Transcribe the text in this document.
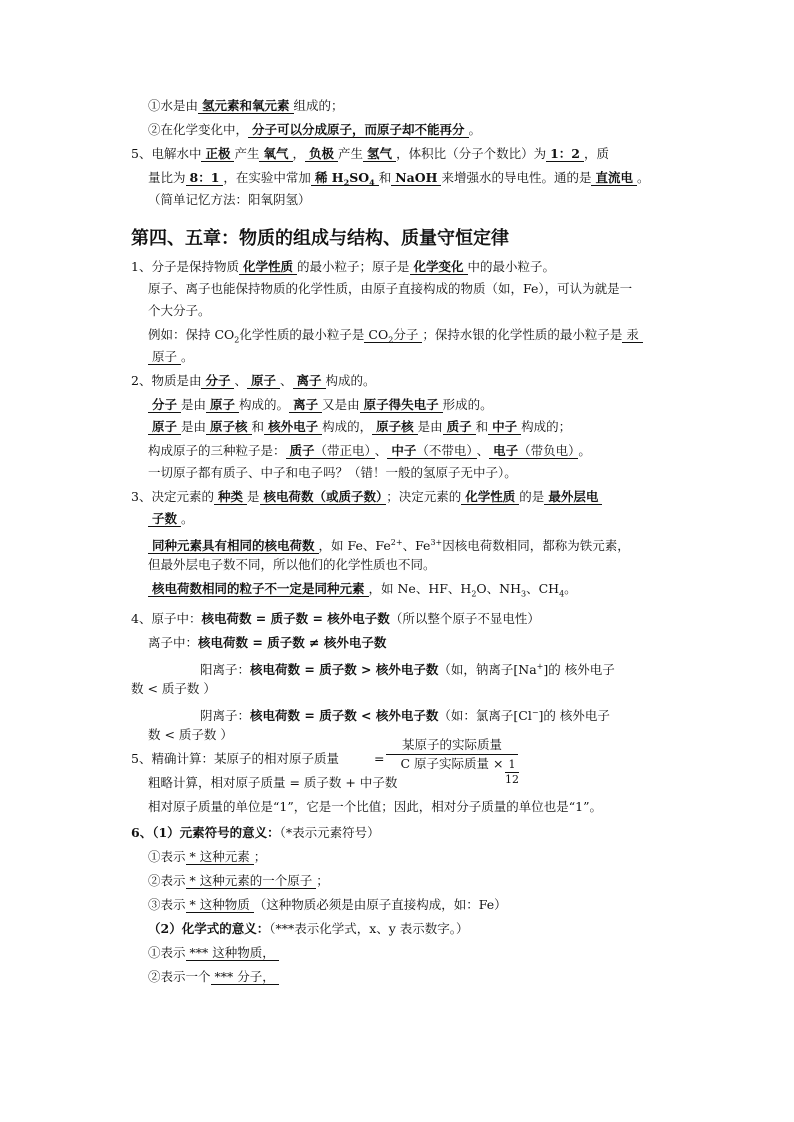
①水是由 氢元素和氧元素 组成的；
②在化学变化中， 分子可以分成原子，而原子却不能再分 。
5、电解水中 正极 产生 氧气 ， 负极 产生 氢气 ，体积比（分子个数比）为 1：2 ，质
量比为 8：1 ，在实验中常加 稀 $H_2SO_4$ 和 NaOH 来增强水的导电性。通的是 直流电 。
（简单记忆方法：阳氧阴氢）
第四、五章：物质的组成与结构、质量守恒定律
1、分子是保持物质 化学性质 的最小粒子；原子是 化学变化 中的最小粒子。
原子、离子也能保持物质的化学性质，由原子直接构成的物质（如，Fe），可认为就是一
个大分子。
例如：保持 $CO_2$化学性质的最小粒子是 $CO_2$分子 ；保持水银的化学性质的最小粒子是 汞
原子 。
2、物质是由 分子 、 原子 、 离子 构成的。
分子 是由 原子 构成的。 离子 又是由 原子得失电子 形成的。
原子 是由 原子核 和 核外电子 构成的， 原子核 是由 质子 和 中子 构成的；
构成原子的三种粒子是： 质子（带正电） 、 中子（不带电） 、 电子（带负电） 。
一切原子都有质子、中子和电子吗？（错！一般的氢原子无中子）。
3、决定元素的 种类 是 核电荷数（或质子数） ；决定元素的 化学性质 的是 最外层电
子数 。
同种元素具有相同的核电荷数 ，如 Fe、$Fe^{2+}$、$Fe^{3+}$因核电荷数相同，都称为铁元素，
但最外层电子数不同，所以他们的化学性质也不同。
核电荷数相同的粒子不一定是同种元素 ，如 Ne、HF、$H_2O$、$NH_3$、$CH_4$。
4、原子中：核电荷数 = 质子数 = 核外电子数（所以整个原子不显电性）
离子中：核电荷数 = 质子数 ≠ 核外电子数
阳离子：核电荷数 = 质子数 > 核外电子数（如，钠离子[Na+]的 核外电子
数 < 质子数 ）
阴离子：核电荷数 = 质子数 < 核外电子数（如：氯离子[Cl−]的 核外电子
数 < 质子数 ）
5、精确计算：某原子的相对原子质量	=
某原子的实际质量
C 原子实际质量 × $\frac{1}{12}$
粗略计算，相对原子质量 = 质子数 + 中子数
相对原子质量的单位是“1”，它是一个比值；因此，相对分子质量的单位也是“1”。
6、（1）元素符号的意义：（*表示元素符号）
①表示 * 这种元素 ；
②表示 * 这种元素的一个原子 ；
③表示 * 这种物质 （这种物质必须是由原子直接构成，如：Fe）
（2）化学式的意义：（***表示化学式，x、y 表示数字。）
①表示 *** 这种物质，
②表示一个 *** 分子，
